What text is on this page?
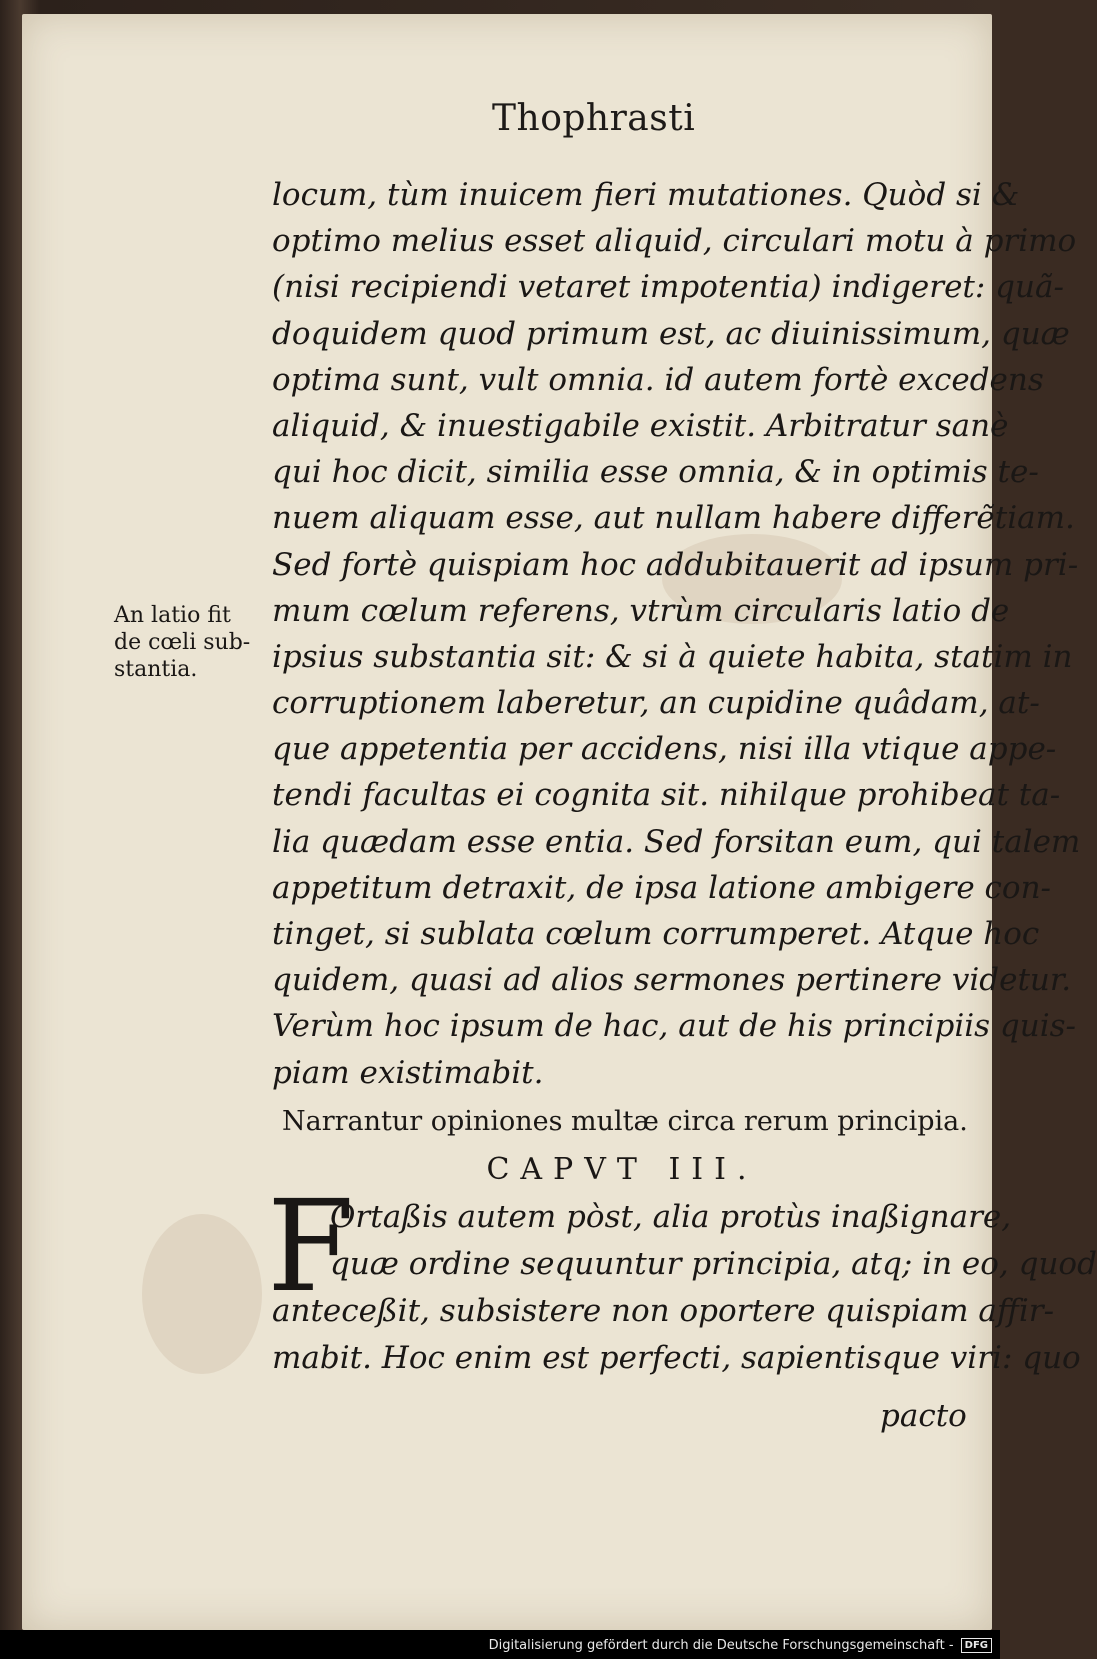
Thophrasti
locum, tùm inuicem fieri mutationes. Quòd si &
optimo melius esset aliquid, circulari motu à primo
(nisi recipiendi vetaret impotentia) indigeret: quã-
doquidem quod primum est, ac diuinissimum, quæ
optima sunt, vult omnia. id autem fortè excedens
aliquid, & inuestigabile existit. Arbitratur sanè
qui hoc dicit, similia esse omnia, & in optimis te-
nuem aliquam esse, aut nullam habere differẽtiam.
Sed fortè quispiam hoc addubitauerit ad ipsum pri-
mum cœlum referens, vtrùm circularis latio de
ipsius substantia sit: & si à quiete habita, statim in
corruptionem laberetur, an cupidine quâdam, at-
que appetentia per accidens, nisi illa vtique appe-
tendi facultas ei cognita sit. nihilque prohibeat ta-
lia quædam esse entia. Sed forsitan eum, qui talem
appetitum detraxit, de ipsa latione ambigere con-
tinget, si sublata cœlum corrumperet. Atque hoc
quidem, quasi ad alios sermones pertinere videtur.
Verùm hoc ipsum de hac, aut de his principiis quis-
piam existimabit.
An latio fit
de cœli sub-
stantia.
Narrantur opiniones multæ circa rerum principia.
CAPVT III.
F
Ortaßis autem pòst, alia protùs inaßignare,
quæ ordine sequuntur principia, atq; in eo, quod
anteceßit, subsistere non oportere quispiam affir-
mabit. Hoc enim est perfecti, sapientisque viri: quo
pacto
Digitalisierung gefördert durch die Deutsche Forschungsgemeinschaft - DFG
